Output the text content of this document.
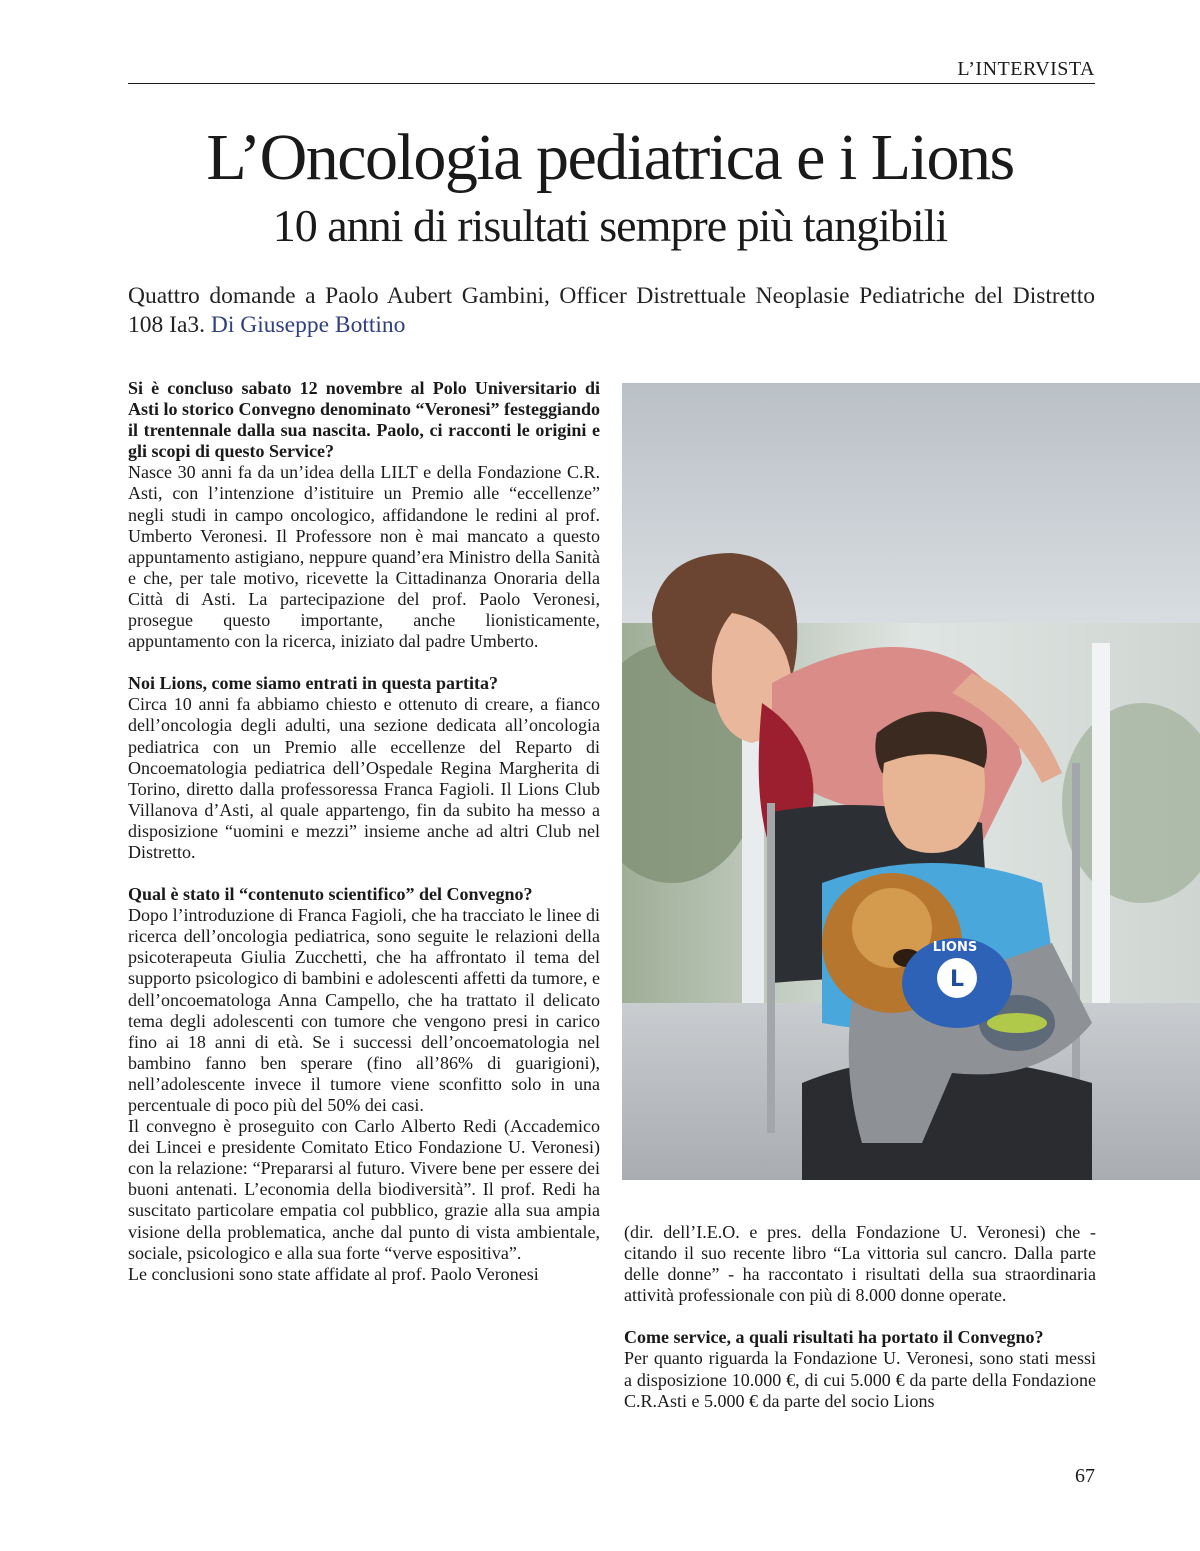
L’INTERVISTA
L’Oncologia pediatrica e i Lions
10 anni di risultati sempre più tangibili

Quattro domande a Paolo Aubert Gambini, Officer Distrettuale Neoplasie Pediatriche del Distretto 108 Ia3. Di Giuseppe Bottino

Si è concluso sabato 12 novembre al Polo Universitario di Asti lo storico Convegno denominato “Veronesi” festeggiando il trentennale dalla sua nascita. Paolo, ci racconti le origini e gli scopi di questo Service?

Nasce 30 anni fa da un’idea della LILT e della Fondazione C.R. Asti, con l’intenzione d’istituire un Premio alle “eccellenze” negli studi in campo oncologico, affidandone le redini al prof. Umberto Veronesi. Il Professore non è mai mancato a questo appuntamento astigiano, neppure quand’era Ministro della Sanità e che, per tale motivo, ricevette la Cittadinanza Onoraria della Città di Asti. La partecipazione del prof. Paolo Veronesi, prosegue questo importante, anche lionisticamente, appuntamento con la ricerca, iniziato dal padre Umberto.

Noi Lions, come siamo entrati in questa partita?

Circa 10 anni fa abbiamo chiesto e ottenuto di creare, a fianco dell’oncologia degli adulti, una sezione dedicata all’oncologia pediatrica con un Premio alle eccellenze del Reparto di Oncoematologia pediatrica dell’Ospedale Regina Margherita di Torino, diretto dalla professoressa Franca Fagioli. Il Lions Club Villanova d’Asti, al quale appartengo, fin da subito ha messo a disposizione “uomini e mezzi” insieme anche ad altri Club nel Distretto.

Qual è stato il “contenuto scientifico” del Convegno?

Dopo l’introduzione di Franca Fagioli, che ha tracciato le linee di ricerca dell’oncologia pediatrica, sono seguite le relazioni della psicoterapeuta Giulia Zucchetti, che ha affrontato il tema del supporto psicologico di bambini e adolescenti affetti da tumore, e dell’oncoematologa Anna Campello, che ha trattato il delicato tema degli adolescenti con tumore che vengono presi in carico fino ai 18 anni di età. Se i successi dell’oncoematologia nel bambino fanno ben sperare (fino all’86% di guarigioni), nell’adolescente invece il tumore viene sconfitto solo in una percentuale di poco più del 50% dei casi.

Il convegno è proseguito con Carlo Alberto Redi (Accademico dei Lincei e presidente Comitato Etico Fondazione U. Veronesi) con la relazione: “Prepararsi al futuro. Vivere bene per essere dei buoni antenati. L’economia della biodiversità”. Il prof. Redi ha suscitato particolare empatia col pubblico, grazie alla sua ampia visione della problematica, anche dal punto di vista ambientale, sociale, psicologico e alla sua forte “verve espositiva”.

Le conclusioni sono state affidate al prof. Paolo Veronesi

L
LIONS

(dir. dell’I.E.O. e pres. della Fondazione U. Veronesi) che - citando il suo recente libro “La vittoria sul cancro. Dalla parte delle donne” - ha raccontato i risultati della sua straordinaria attività professionale con più di 8.000 donne operate.

Come service, a quali risultati ha portato il Convegno?

Per quanto riguarda la Fondazione U. Veronesi, sono stati messi a disposizione 10.000 €, di cui 5.000 € da parte della Fondazione C.R.Asti e 5.000 € da parte del socio Lions

67
